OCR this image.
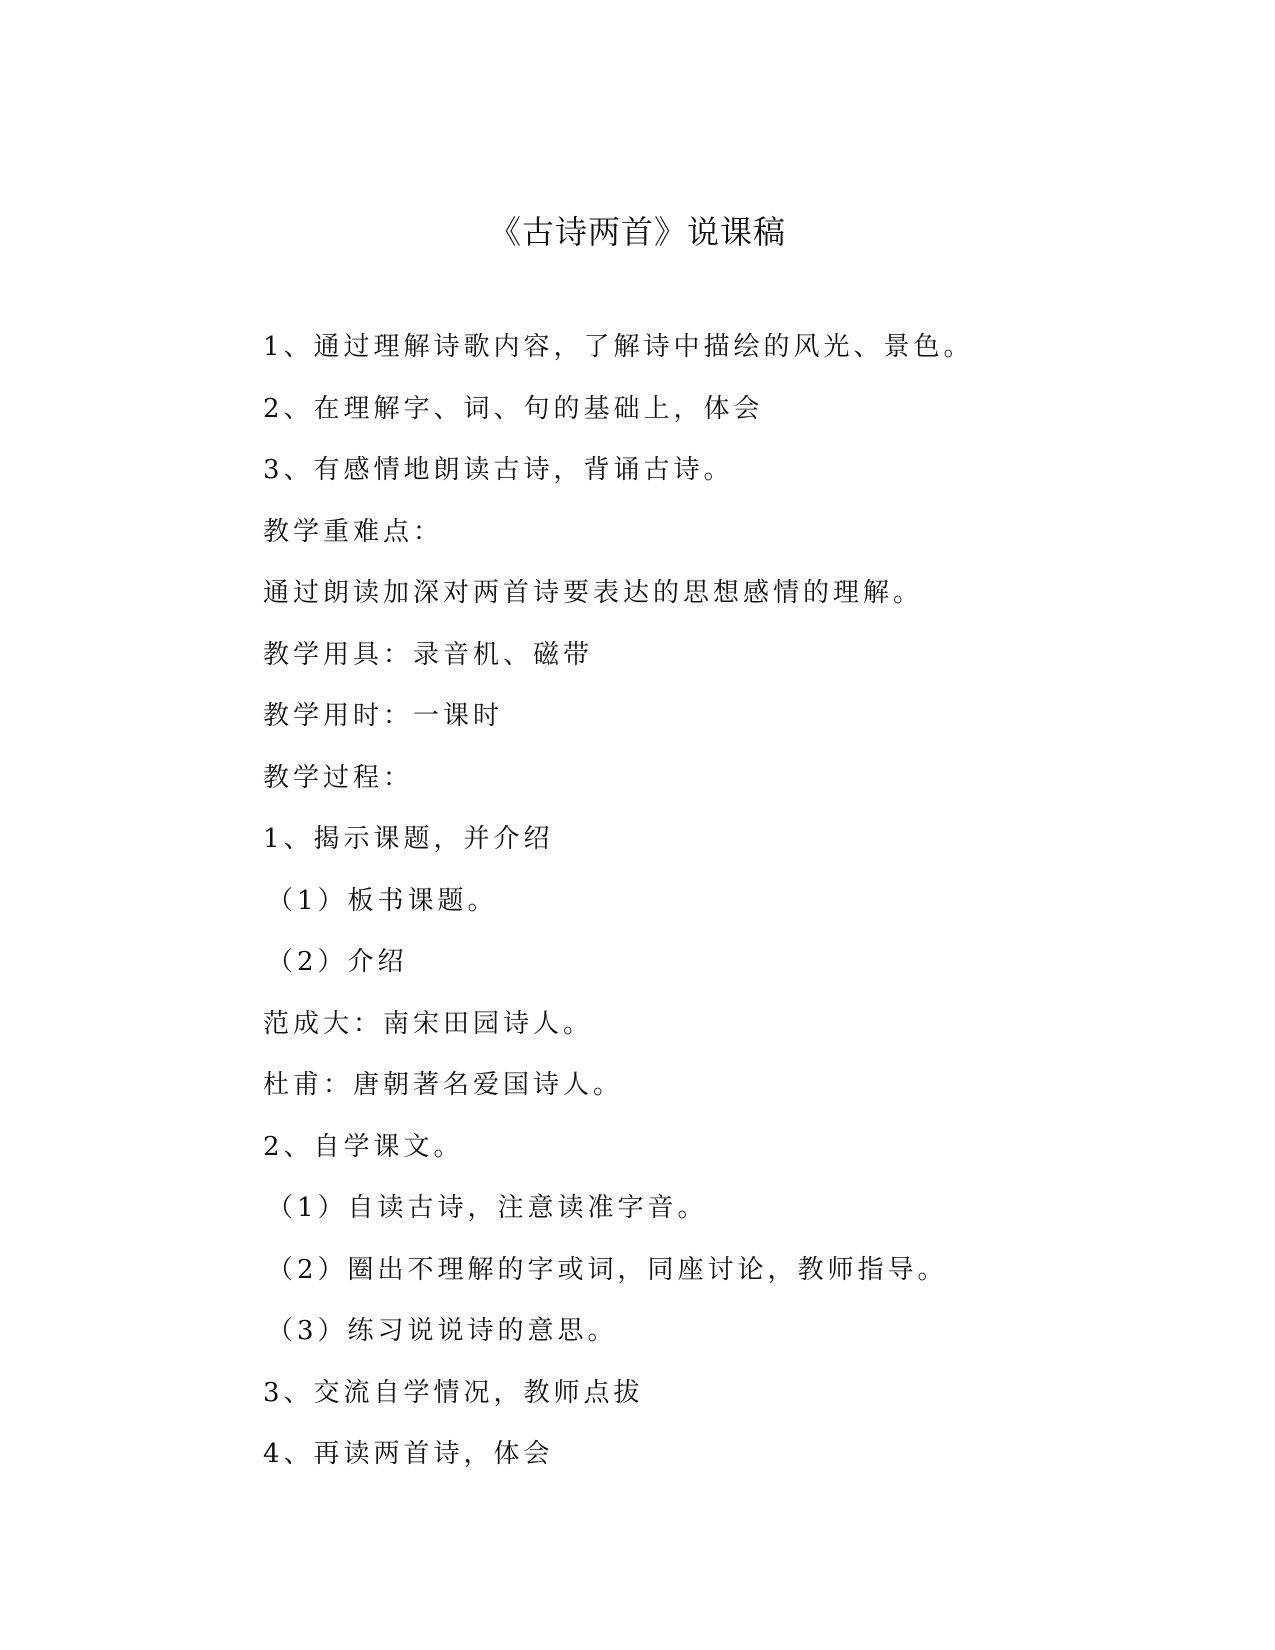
《古诗两首》说课稿
1、通过理解诗歌内容，了解诗中描绘的风光、景色。
2、在理解字、词、句的基础上，体会
3、有感情地朗读古诗，背诵古诗。
教学重难点：
通过朗读加深对两首诗要表达的思想感情的理解。
教学用具：录音机、磁带
教学用时：一课时
教学过程：
1、揭示课题，并介绍
（1）板书课题。
（2）介绍
范成大：南宋田园诗人。
杜甫：唐朝著名爱国诗人。
2、自学课文。
（1）自读古诗，注意读准字音。
（2）圈出不理解的字或词，同座讨论，教师指导。
（3）练习说说诗的意思。
3、交流自学情况，教师点拔
4、再读两首诗，体会
